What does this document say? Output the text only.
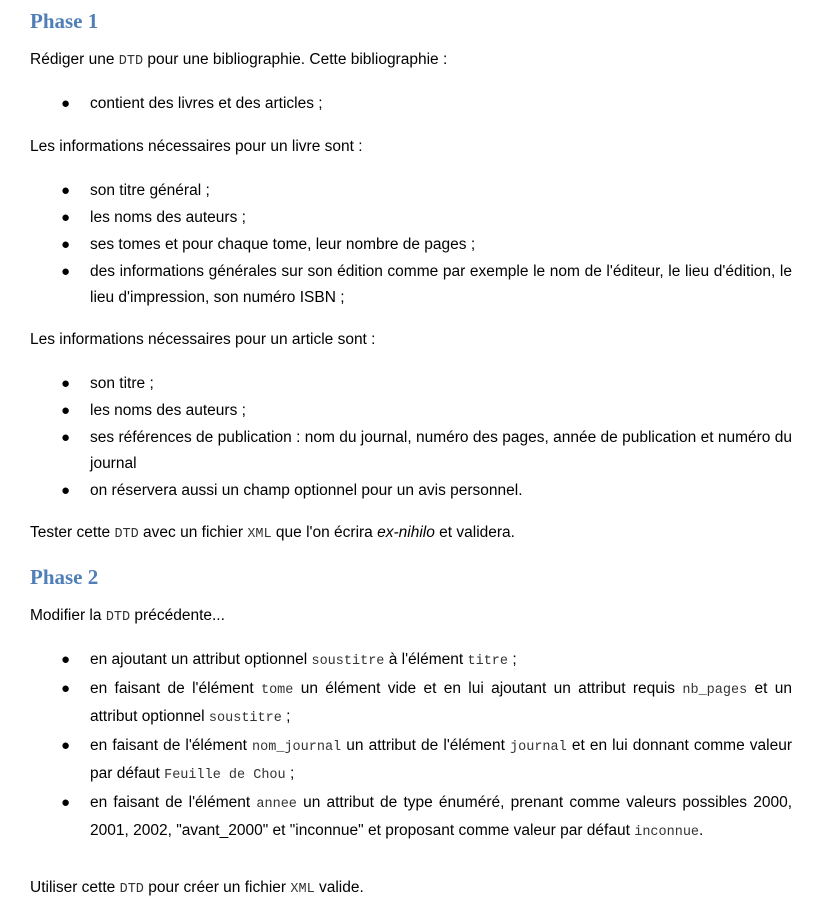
Phase 1

Rédiger une DTD pour une bibliographie. Cette bibliographie :

● contient des livres et des articles ;

Les informations nécessaires pour un livre sont :

● son titre général ;
● les noms des auteurs ;
● ses tomes et pour chaque tome, leur nombre de pages ;
● des informations générales sur son édition comme par exemple le nom de l'éditeur, le lieu d'édition, le lieu d'impression, son numéro ISBN ;

Les informations nécessaires pour un article sont :

● son titre ;
● les noms des auteurs ;
● ses références de publication : nom du journal, numéro des pages, année de publication et numéro du journal
● on réservera aussi un champ optionnel pour un avis personnel.

Tester cette DTD avec un fichier XML que l'on écrira ex-nihilo et validera.

Phase 2

Modifier la DTD précédente...

● en ajoutant un attribut optionnel soustitre à l'élément titre ;
● en faisant de l'élément tome un élément vide et en lui ajoutant un attribut requis nb_pages et un attribut optionnel soustitre ;
● en faisant de l'élément nom_journal un attribut de l'élément journal et en lui donnant comme valeur par défaut Feuille de Chou ;
● en faisant de l'élément annee un attribut de type énuméré, prenant comme valeurs possibles 2000, 2001, 2002, "avant_2000" et "inconnue" et proposant comme valeur par défaut inconnue.

Utiliser cette DTD pour créer un fichier XML valide.
